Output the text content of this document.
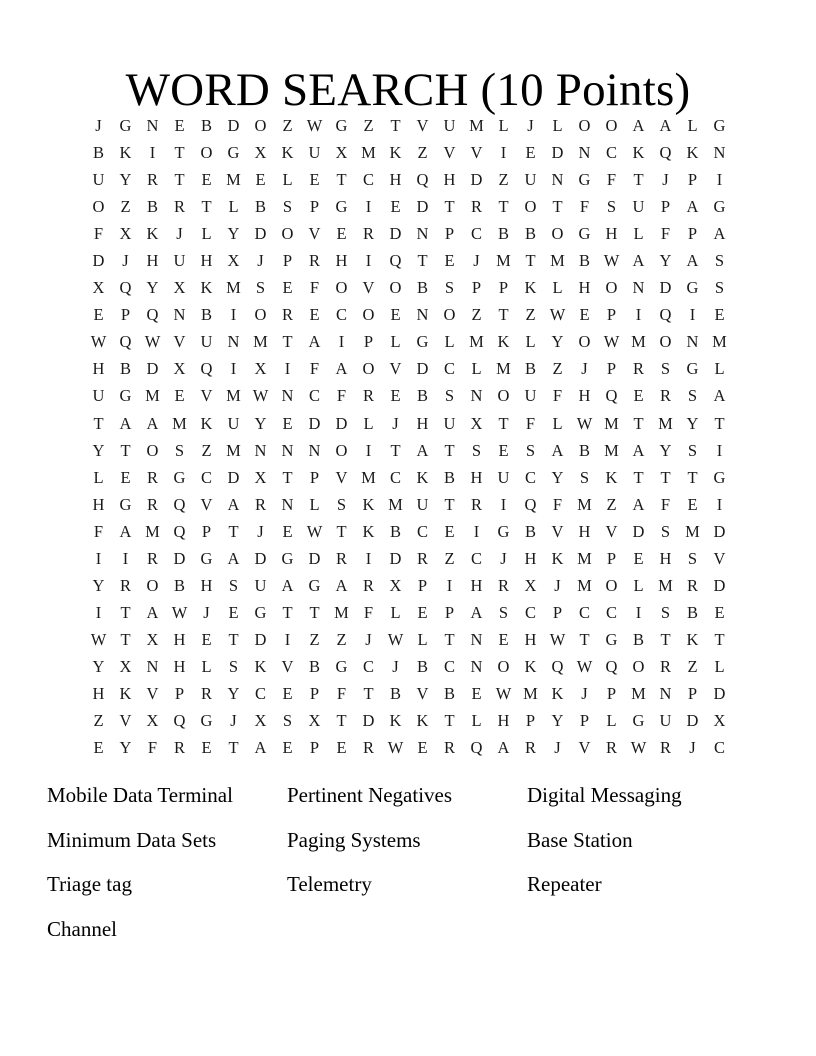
WORD SEARCH (10 Points)
J	G	N	E	B	D	O	Z	W	G	Z	T	V	U	M	L	J	L	O	O	A	A	L	G
B	K	I	T	O	G	X	K	U	X	M	K	Z	V	V	I	E	D	N	C	K	Q	K	N
U	Y	R	T	E	M	E	L	E	T	C	H	Q	H	D	Z	U	N	G	F	T	J	P	I
O	Z	B	R	T	L	B	S	P	G	I	E	D	T	R	T	O	T	F	S	U	P	A	G
F	X	K	J	L	Y	D	O	V	E	R	D	N	P	C	B	B	O	G	H	L	F	P	A
D	J	H	U	H	X	J	P	R	H	I	Q	T	E	J	M	T	M	B	W	A	Y	A	S
X	Q	Y	X	K	M	S	E	F	O	V	O	B	S	P	P	K	L	H	O	N	D	G	S
E	P	Q	N	B	I	O	R	E	C	O	E	N	O	Z	T	Z	W	E	P	I	Q	I	E
W	Q	W	V	U	N	M	T	A	I	P	L	G	L	M	K	L	Y	O	W	M	O	N	M
H	B	D	X	Q	I	X	I	F	A	O	V	D	C	L	M	B	Z	J	P	R	S	G	L
U	G	M	E	V	M	W	N	C	F	R	E	B	S	N	O	U	F	H	Q	E	R	S	A
T	A	A	M	K	U	Y	E	D	D	L	J	H	U	X	T	F	L	W	M	T	M	Y	T
Y	T	O	S	Z	M	N	N	N	O	I	T	A	T	S	E	S	A	B	M	A	Y	S	I
L	E	R	G	C	D	X	T	P	V	M	C	K	B	H	U	C	Y	S	K	T	T	T	G
H	G	R	Q	V	A	R	N	L	S	K	M	U	T	R	I	Q	F	M	Z	A	F	E	I
F	A	M	Q	P	T	J	E	W	T	K	B	C	E	I	G	B	V	H	V	D	S	M	D
I	I	R	D	G	A	D	G	D	R	I	D	R	Z	C	J	H	K	M	P	E	H	S	V
Y	R	O	B	H	S	U	A	G	A	R	X	P	I	H	R	X	J	M	O	L	M	R	D
I	T	A	W	J	E	G	T	T	M	F	L	E	P	A	S	C	P	C	C	I	S	B	E
W	T	X	H	E	T	D	I	Z	Z	J	W	L	T	N	E	H	W	T	G	B	T	K	T
Y	X	N	H	L	S	K	V	B	G	C	J	B	C	N	O	K	Q	W	Q	O	R	Z	L
H	K	V	P	R	Y	C	E	P	F	T	B	V	B	E	W	M	K	J	P	M	N	P	D
Z	V	X	Q	G	J	X	S	X	T	D	K	K	T	L	H	P	Y	P	L	G	U	D	X
E	Y	F	R	E	T	A	E	P	E	R	W	E	R	Q	A	R	J	V	R	W	R	J	C
Mobile Data Terminal	Pertinent Negatives	Digital Messaging
Minimum Data Sets	Paging Systems	Base Station
Triage tag	Telemetry	Repeater
Channel
